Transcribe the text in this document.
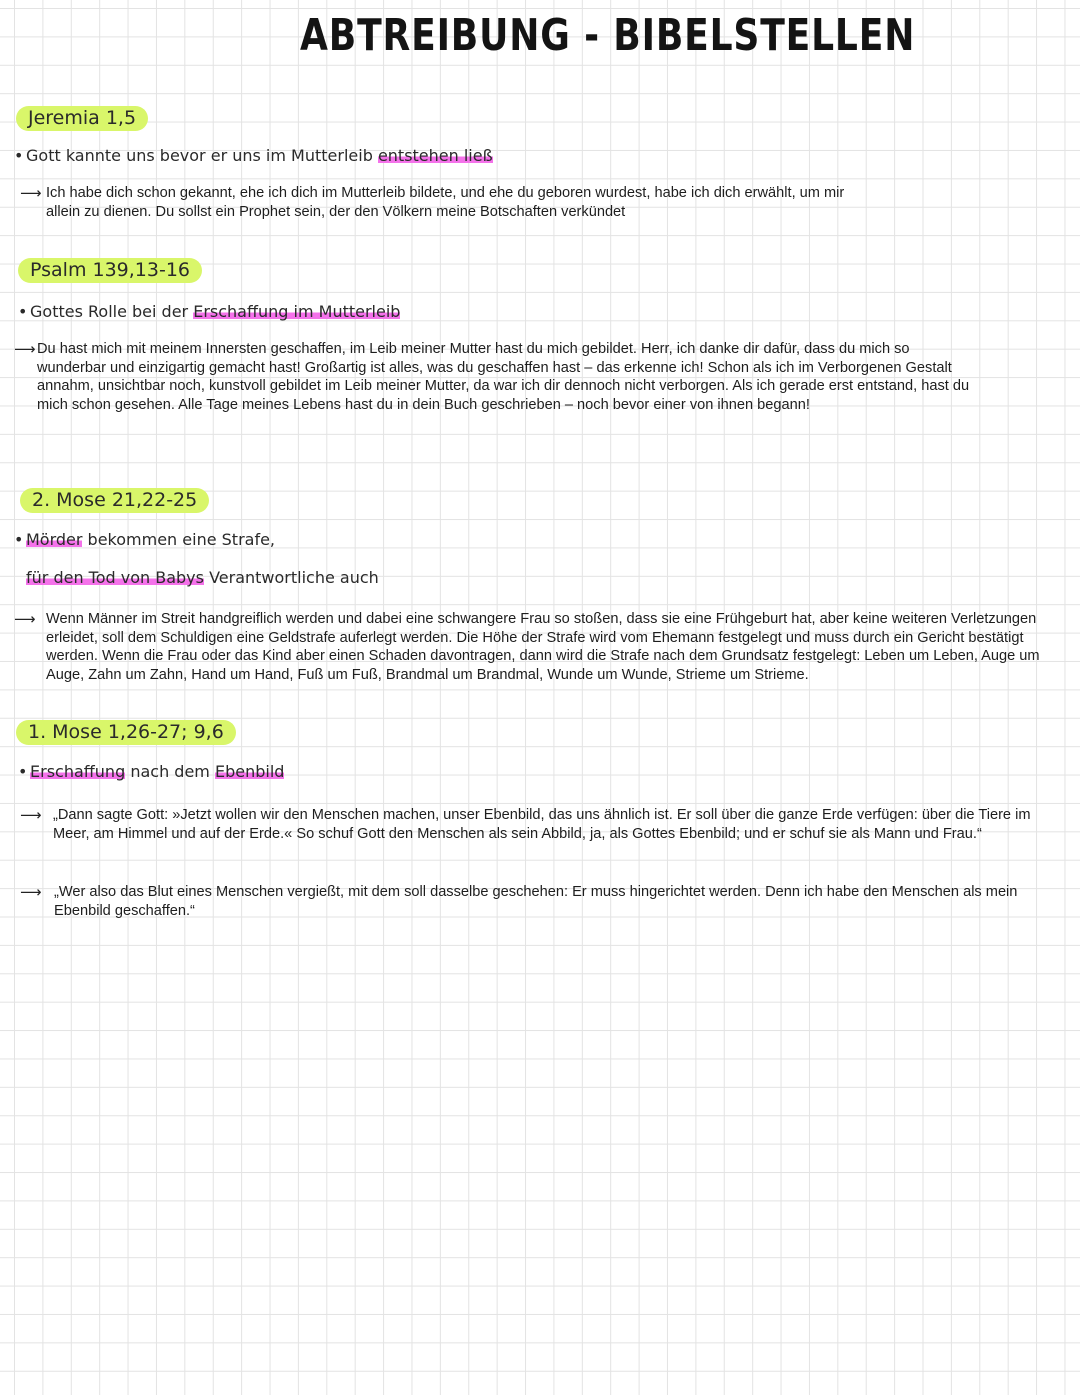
ABTREIBUNG - BIBELSTELLEN
Jeremia 1,5
• Gott kannte uns bevor er uns im Mutterleib entstehen ließ
⟶ Ich habe dich schon gekannt, ehe ich dich im Mutterleib bildete, und ehe du geboren wurdest, habe ich dich erwählt, um mir allein zu dienen. Du sollst ein Prophet sein, der den Völkern meine Botschaften verkündet

Psalm 139,13-16
• Gottes Rolle bei der Erschaffung im Mutterleib
⟶ Du hast mich mit meinem Innersten geschaffen, im Leib meiner Mutter hast du mich gebildet. Herr, ich danke dir dafür, dass du mich so wunderbar und einzigartig gemacht hast! Großartig ist alles, was du geschaffen hast – das erkenne ich! Schon als ich im Verborgenen Gestalt annahm, unsichtbar noch, kunstvoll gebildet im Leib meiner Mutter, da war ich dir dennoch nicht verborgen. Als ich gerade erst entstand, hast du mich schon gesehen. Alle Tage meines Lebens hast du in dein Buch geschrieben – noch bevor einer von ihnen begann!

2. Mose 21,22-25
• Mörder bekommen eine Strafe,
für den Tod von Babys Verantwortliche auch
⟶ Wenn Männer im Streit handgreiflich werden und dabei eine schwangere Frau so stoßen, dass sie eine Frühgeburt hat, aber keine weiteren Verletzungen erleidet, soll dem Schuldigen eine Geldstrafe auferlegt werden. Die Höhe der Strafe wird vom Ehemann festgelegt und muss durch ein Gericht bestätigt werden. Wenn die Frau oder das Kind aber einen Schaden davontragen, dann wird die Strafe nach dem Grundsatz festgelegt: Leben um Leben, Auge um Auge, Zahn um Zahn, Hand um Hand, Fuß um Fuß, Brandmal um Brandmal, Wunde um Wunde, Strieme um Strieme.

1. Mose 1,26-27; 9,6
• Erschaffung nach dem Ebenbild
⟶ „Dann sagte Gott: »Jetzt wollen wir den Menschen machen, unser Ebenbild, das uns ähnlich ist. Er soll über die ganze Erde verfügen: über die Tiere im Meer, am Himmel und auf der Erde.« So schuf Gott den Menschen als sein Abbild, ja, als Gottes Ebenbild; und er schuf sie als Mann und Frau.“

⟶ „Wer also das Blut eines Menschen vergießt, mit dem soll dasselbe geschehen: Er muss hingerichtet werden. Denn ich habe den Menschen als mein Ebenbild geschaffen.“
